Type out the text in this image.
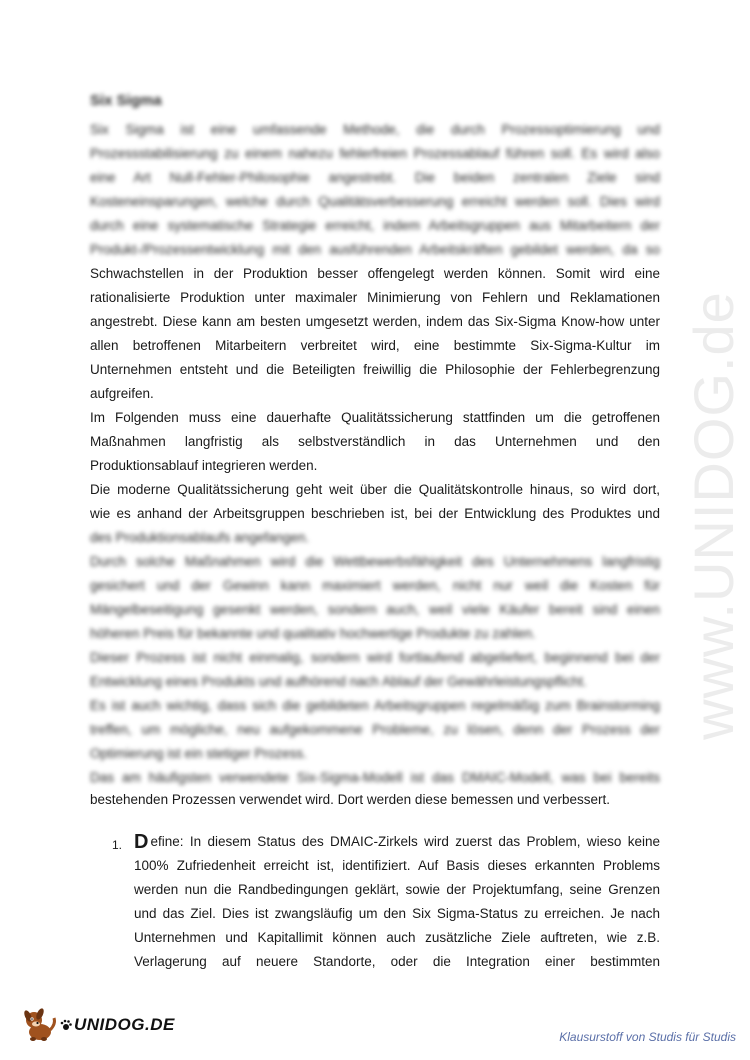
Six Sigma
Six Sigma ist eine umfassende Methode, die durch Prozessoptimierung und
Prozessstabilisierung zu einem nahezu fehlerfreien Prozessablauf führen soll. Es wird also
eine Art Null-Fehler-Philosophie angestrebt. Die beiden zentralen Ziele sind
Kosteneinsparungen, welche durch Qualitätsverbesserung erreicht werden soll. Dies wird
durch eine systematische Strategie erreicht, indem Arbeitsgruppen aus Mitarbeitern der
Produkt-/Prozessentwicklung mit den ausführenden Arbeitskräften gebildet werden, da so
Schwachstellen in der Produktion besser offengelegt werden können. Somit wird eine
rationalisierte Produktion unter maximaler Minimierung von Fehlern und Reklamationen
angestrebt. Diese kann am besten umgesetzt werden, indem das Six-Sigma Know-how unter
allen betroffenen Mitarbeitern verbreitet wird, eine bestimmte Six-Sigma-Kultur im
Unternehmen entsteht und die Beteiligten freiwillig die Philosophie der Fehlerbegrenzung
aufgreifen.
Im Folgenden muss eine dauerhafte Qualitätssicherung stattfinden um die getroffenen
Maßnahmen langfristig als selbstverständlich in das Unternehmen und den
Produktionsablauf integrieren werden.
Die moderne Qualitätssicherung geht weit über die Qualitätskontrolle hinaus, so wird dort,
wie es anhand der Arbeitsgruppen beschrieben ist, bei der Entwicklung des Produktes und
des Produktionsablaufs angefangen.
Durch solche Maßnahmen wird die Wettbewerbsfähigkeit des Unternehmens langfristig
gesichert und der Gewinn kann maximiert werden, nicht nur weil die Kosten für
Mängelbeseitigung gesenkt werden, sondern auch, weil viele Käufer bereit sind einen
höheren Preis für bekannte und qualitativ hochwertige Produkte zu zahlen.
Dieser Prozess ist nicht einmalig, sondern wird fortlaufend abgeliefert, beginnend bei der
Entwicklung eines Produkts und aufhörend nach Ablauf der Gewährleistungspflicht.
Es ist auch wichtig, dass sich die gebildeten Arbeitsgruppen regelmäßig zum Brainstorming
treffen, um mögliche, neu aufgekommene Probleme, zu lösen, denn der Prozess der
Optimierung ist ein stetiger Prozess.
Das am häufigsten verwendete Six-Sigma-Modell ist das DMAIC-Modell, was bei bereits
bestehenden Prozessen verwendet wird. Dort werden diese bemessen und verbessert.
1. D efine: In diesem Status des DMAIC-Zirkels wird zuerst das Problem, wieso keine
100% Zufriedenheit erreicht ist, identifiziert. Auf Basis dieses erkannten Problems
werden nun die Randbedingungen geklärt, sowie der Projektumfang, seine Grenzen
und das Ziel. Dies ist zwangsläufig um den Six Sigma-Status zu erreichen. Je nach
Unternehmen und Kapitallimit können auch zusätzliche Ziele auftreten, wie z.B.
Verlagerung auf neuere Standorte, oder die Integration einer bestimmten
www.UNIDOG.de
UNIDOG.DE
Klausurstoff von Studis für Studis
